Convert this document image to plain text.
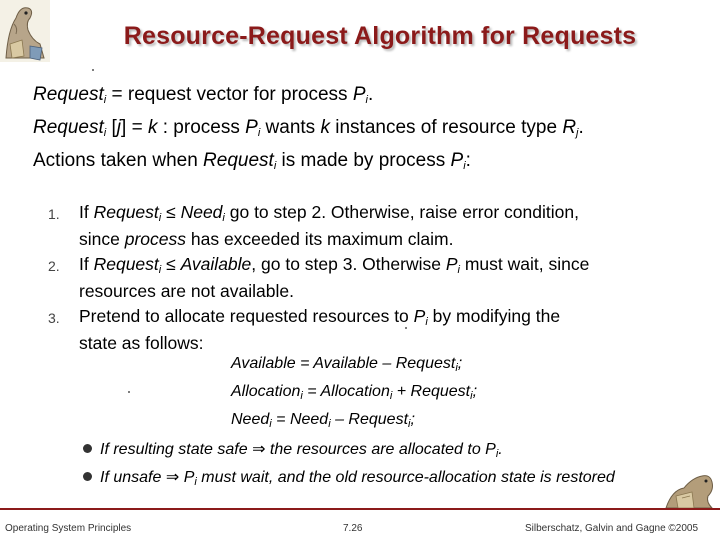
Resource-Request Algorithm for Requests
Request$_i$ = request vector for process $P_i$.
Request$_i$ [j] = k : process $P_i$ wants k instances of resource type $R_j$.
Actions taken when Request$_i$ is made by process $P_i$:
1. If Request$_i$ ≤ Need$_i$ go to step 2. Otherwise, raise error condition,
since process has exceeded its maximum claim.
2. If Request$_i$ ≤ Available, go to step 3. Otherwise $P_i$ must wait, since
resources are not available.
3. Pretend to allocate requested resources to $P_i$ by modifying the
state as follows:
Available = Available – Request$_i$;
Allocation$_i$ = Allocation$_i$ + Request$_i$;
Need$_i$ = Need$_i$ – Request$_i$;
If resulting state safe ⇒ the resources are allocated to $P_i$.
If unsafe ⇒ $P_i$ must wait, and the old resource-allocation state is restored
Operating System Principles	7.26	Silberschatz, Galvin and Gagne ©2005
